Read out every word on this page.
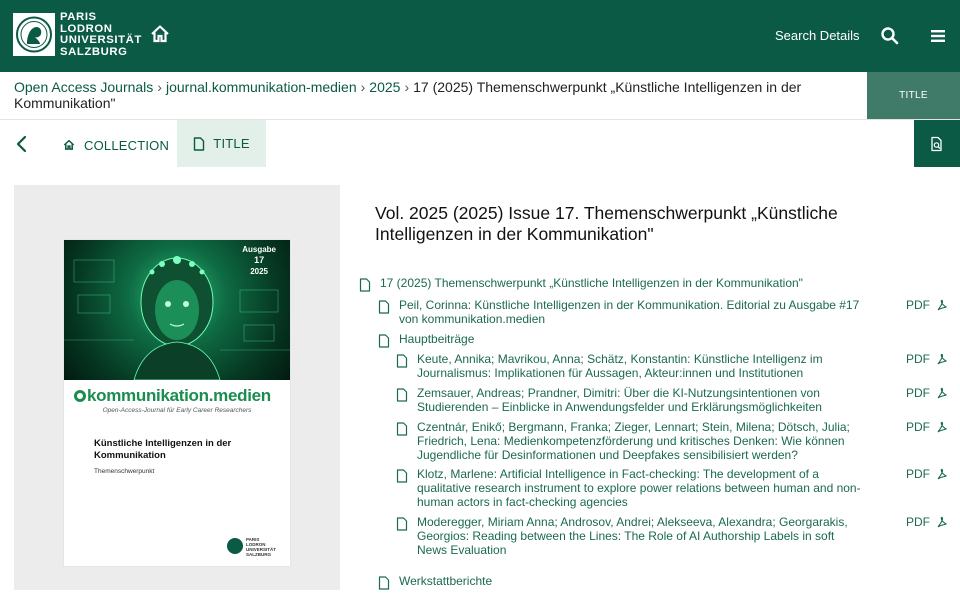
PARIS
LODRON
UNIVERSITÄT
SALZBURG
Search Details
Open Access Journals › journal.kommunikation-medien › 2025 › 17 (2025) Themenschwerpunkt „Künstliche Intelligenzen in der Kommunikation"	TITLE
COLLECTION	TITLE
Ausgabe
17
2025
kommunikation.medien
Open-Access-Journal für Early Career Researchers
Künstliche Intelligenzen in der Kommunikation
Themenschwerpunkt
PARIS
LODRON
UNIVERSITÄT
SALZBURG
Vol. 2025 (2025) Issue 17. Themenschwerpunkt „Künstliche Intelligenzen in der Kommunikation"
17 (2025) Themenschwerpunkt „Künstliche Intelligenzen in der Kommunikation"
Peil, Corinna: Künstliche Intelligenzen in der Kommunikation. Editorial zu Ausgabe #17 von kommunikation.medien
PDF
Hauptbeiträge
Keute, Annika; Mavrikou, Anna; Schätz, Konstantin: Künstliche Intelligenz im Journalismus: Implikationen für Aussagen, Akteur:innen und Institutionen
PDF
Zemsauer, Andreas; Prandner, Dimitri: Über die KI-Nutzungsintentionen von Studierenden – Einblicke in Anwendungsfelder und Erklärungsmöglichkeiten
PDF
Czentnár, Enikő; Bergmann, Franka; Zieger, Lennart; Stein, Milena; Dötsch, Julia; Friedrich, Lena: Medienkompetenzförderung und kritisches Denken: Wie können Jugendliche für Desinformationen und Deepfakes sensibilisiert werden?
PDF
Klotz, Marlene: Artificial Intelligence in Fact-checking: The development of a qualitative research instrument to explore power relations between human and non-human actors in fact-checking agencies
PDF
Moderegger, Miriam Anna; Androsov, Andrei; Alekseeva, Alexandra; Georgarakis, Georgios: Reading between the Lines: The Role of AI Authorship Labels in soft News Evaluation
PDF
Werkstattberichte
